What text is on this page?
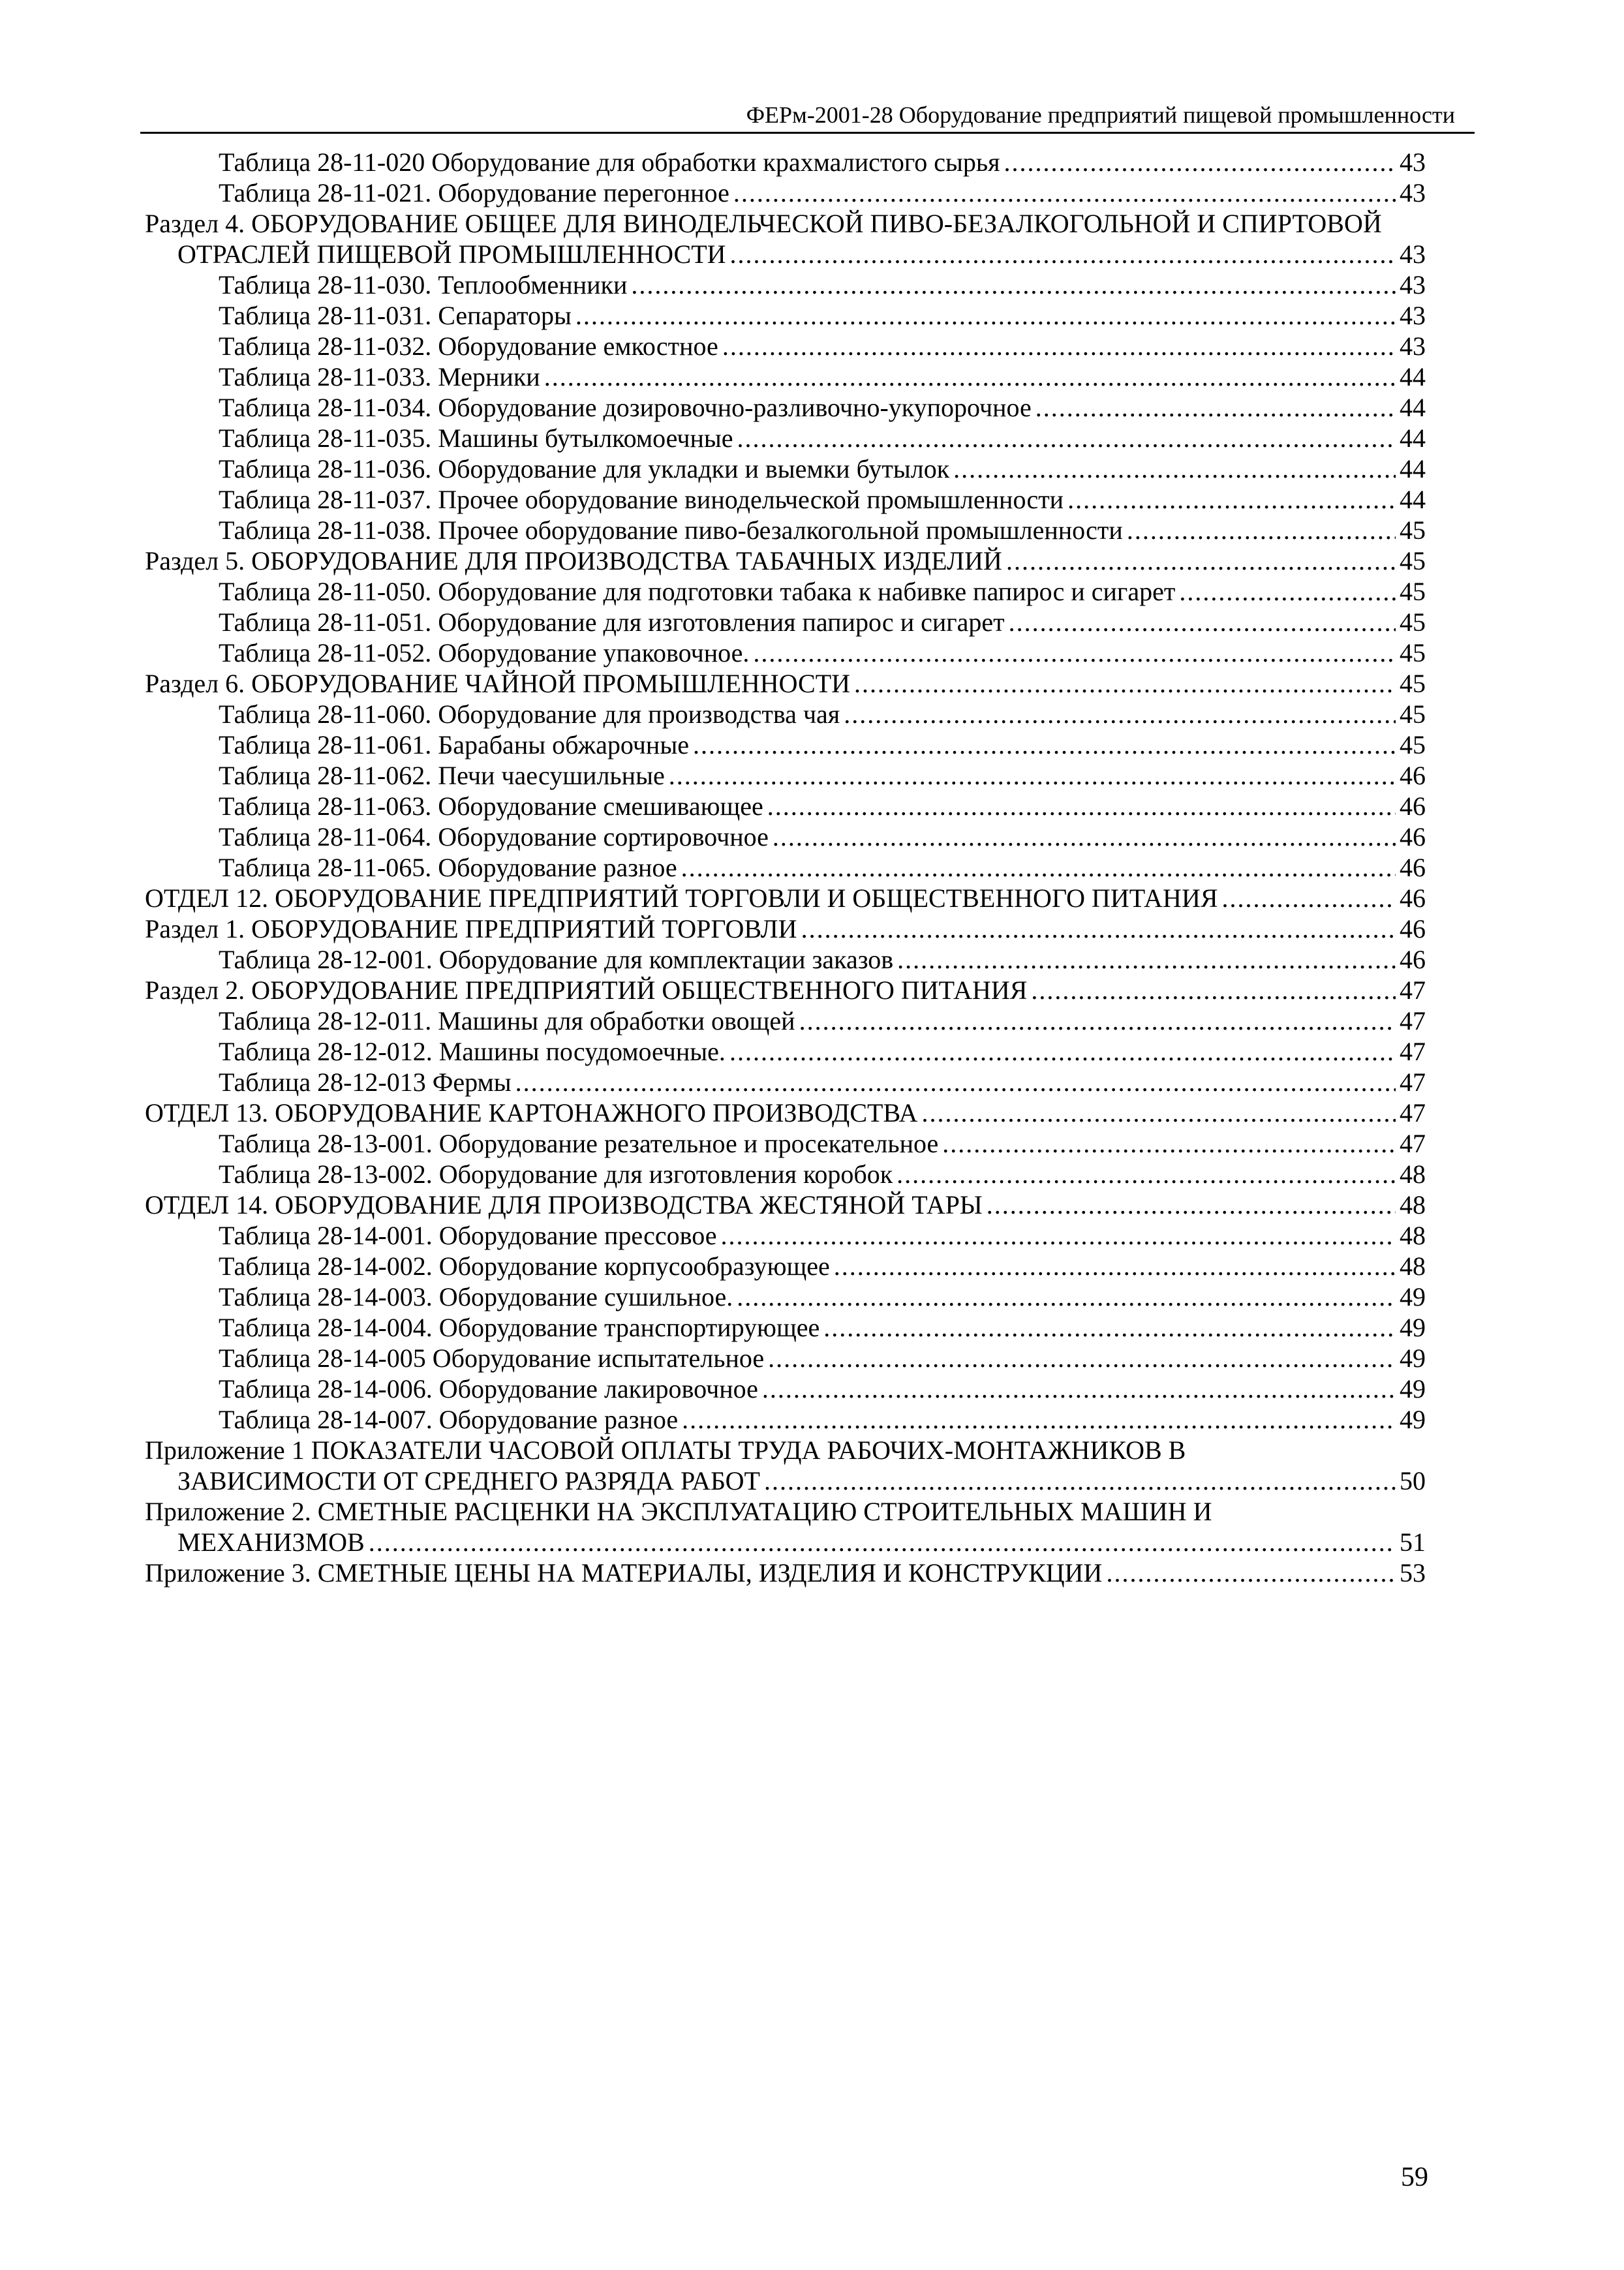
ФЕРм-2001-28 Оборудование предприятий пищевой промышленности
Таблица 28-11-020 Оборудование для обработки крахмалистого сырья .....	43
Таблица 28-11-021. Оборудование перегонное .....	43
Раздел 4. ОБОРУДОВАНИЕ ОБЩЕЕ ДЛЯ ВИНОДЕЛЬЧЕСКОЙ ПИВО-БЕЗАЛКОГОЛЬНОЙ И СПИРТОВОЙ
ОТРАСЛЕЙ ПИЩЕВОЙ ПРОМЫШЛЕННОСТИ .....	43
Таблица 28-11-030. Теплообменники .....	43
Таблица 28-11-031. Сепараторы .....	43
Таблица 28-11-032. Оборудование емкостное .....	43
Таблица 28-11-033. Мерники .....	44
Таблица 28-11-034. Оборудование дозировочно-разливочно-укупорочное .....	44
Таблица 28-11-035. Машины бутылкомоечные .....	44
Таблица 28-11-036. Оборудование для укладки и выемки бутылок .....	44
Таблица 28-11-037. Прочее оборудование винодельческой промышленности .....	44
Таблица 28-11-038. Прочее оборудование пиво-безалкогольной промышленности .....	45
Раздел 5. ОБОРУДОВАНИЕ ДЛЯ ПРОИЗВОДСТВА ТАБАЧНЫХ ИЗДЕЛИЙ .....	45
Таблица 28-11-050. Оборудование для подготовки табака к набивке папирос и сигарет .....	45
Таблица 28-11-051. Оборудование для изготовления папирос и сигарет .....	45
Таблица 28-11-052. Оборудование упаковочное. .....	45
Раздел 6. ОБОРУДОВАНИЕ ЧАЙНОЙ ПРОМЫШЛЕННОСТИ .....	45
Таблица 28-11-060. Оборудование для производства чая .....	45
Таблица 28-11-061. Барабаны обжарочные .....	45
Таблица 28-11-062. Печи чаесушильные .....	46
Таблица 28-11-063. Оборудование смешивающее .....	46
Таблица 28-11-064. Оборудование сортировочное .....	46
Таблица 28-11-065. Оборудование разное .....	46
ОТДЕЛ 12. ОБОРУДОВАНИЕ ПРЕДПРИЯТИЙ ТОРГОВЛИ И ОБЩЕСТВЕННОГО ПИТАНИЯ .....	46
Раздел 1. ОБОРУДОВАНИЕ ПРЕДПРИЯТИЙ ТОРГОВЛИ .....	46
Таблица 28-12-001. Оборудование для комплектации заказов .....	46
Раздел 2. ОБОРУДОВАНИЕ ПРЕДПРИЯТИЙ ОБЩЕСТВЕННОГО ПИТАНИЯ .....	47
Таблица 28-12-011. Машины для обработки овощей .....	47
Таблица 28-12-012. Машины посудомоечные. .....	47
Таблица 28-12-013 Фермы .....	47
ОТДЕЛ 13. ОБОРУДОВАНИЕ КАРТОНАЖНОГО ПРОИЗВОДСТВА .....	47
Таблица 28-13-001. Оборудование резательное и просекательное .....	47
Таблица 28-13-002. Оборудование для изготовления коробок .....	48
ОТДЕЛ 14. ОБОРУДОВАНИЕ ДЛЯ ПРОИЗВОДСТВА ЖЕСТЯНОЙ ТАРЫ .....	48
Таблица 28-14-001. Оборудование прессовое .....	48
Таблица 28-14-002. Оборудование корпусообразующее .....	48
Таблица 28-14-003. Оборудование сушильное. .....	49
Таблица 28-14-004. Оборудование транспортирующее .....	49
Таблица 28-14-005 Оборудование испытательное .....	49
Таблица 28-14-006. Оборудование лакировочное .....	49
Таблица 28-14-007. Оборудование разное .....	49
Приложение 1 ПОКАЗАТЕЛИ ЧАСОВОЙ ОПЛАТЫ ТРУДА РАБОЧИХ-МОНТАЖНИКОВ В
ЗАВИСИМОСТИ ОТ СРЕДНЕГО РАЗРЯДА РАБОТ .....	50
Приложение 2. СМЕТНЫЕ РАСЦЕНКИ НА ЭКСПЛУАТАЦИЮ СТРОИТЕЛЬНЫХ МАШИН И
МЕХАНИЗМОВ .....	51
Приложение 3. СМЕТНЫЕ ЦЕНЫ НА МАТЕРИАЛЫ, ИЗДЕЛИЯ И КОНСТРУКЦИИ .....	53
59
